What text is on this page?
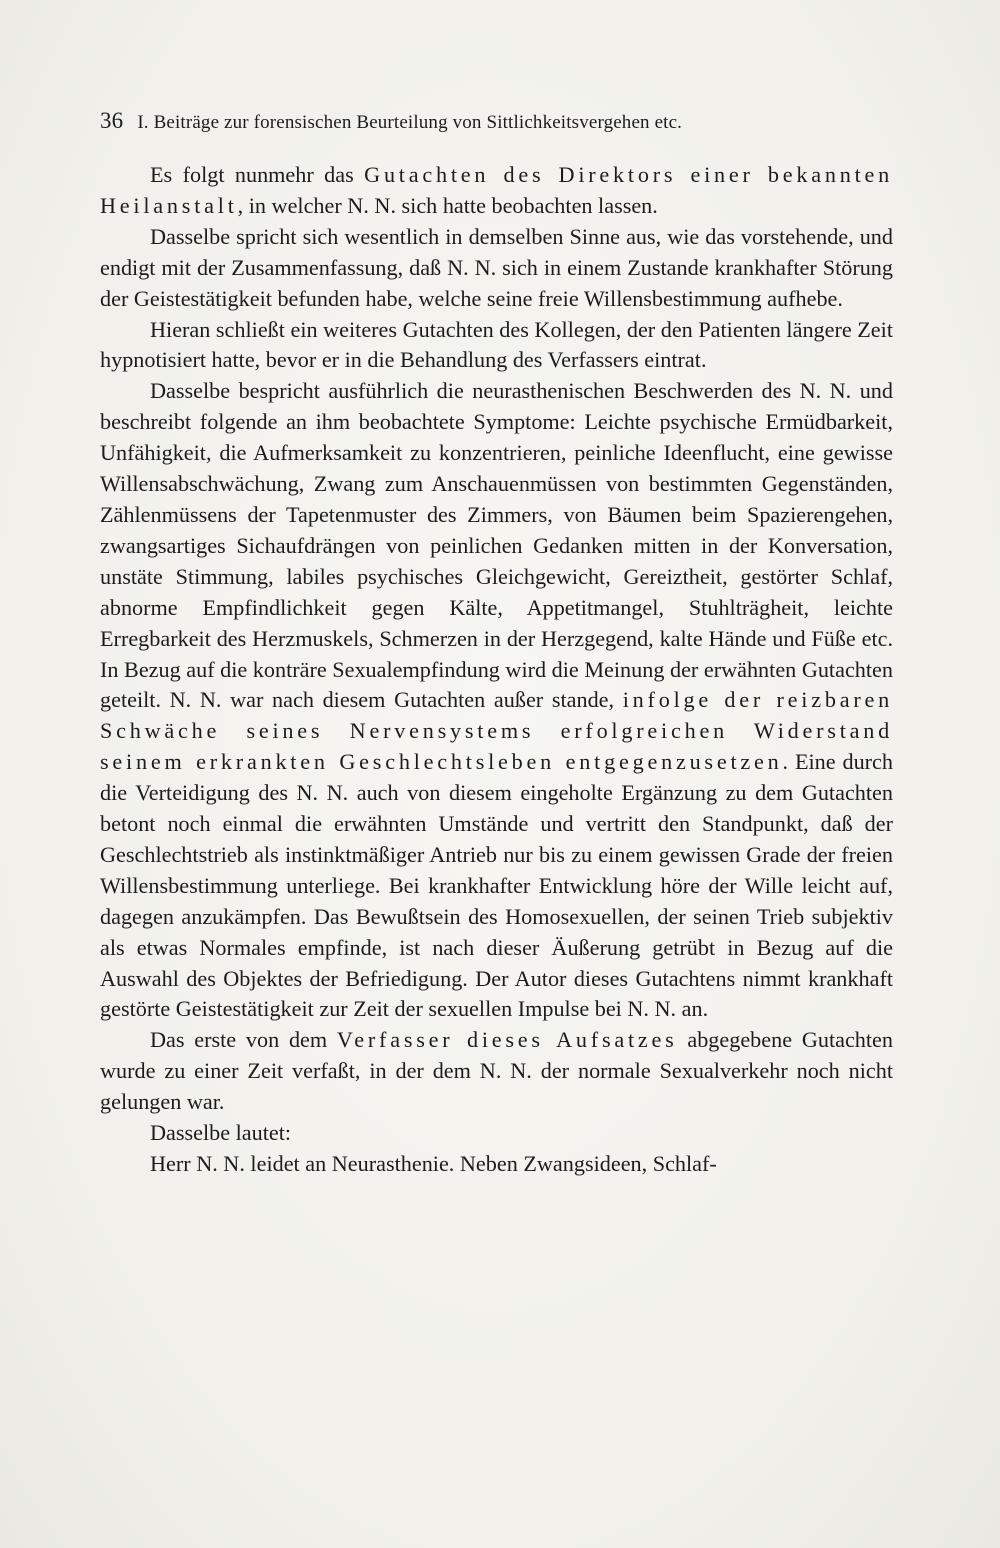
36 I. Beiträge zur forensischen Beurteilung von Sittlichkeitsvergehen etc.

Es folgt nunmehr das Gutachten des Direktors einer bekannten Heilanstalt, in welcher N. N. sich hatte beobachten lassen.

Dasselbe spricht sich wesentlich in demselben Sinne aus, wie das vorstehende, und endigt mit der Zusammenfassung, daß N. N. sich in einem Zustande krankhafter Störung der Geistestätigkeit befunden habe, welche seine freie Willensbestimmung aufhebe.

Hieran schließt ein weiteres Gutachten des Kollegen, der den Patienten längere Zeit hypnotisiert hatte, bevor er in die Behandlung des Verfassers eintrat.

Dasselbe bespricht ausführlich die neurasthenischen Beschwerden des N. N. und beschreibt folgende an ihm beobachtete Symptome: Leichte psychische Ermüdbarkeit, Unfähigkeit, die Aufmerksamkeit zu konzentrieren, peinliche Ideenflucht, eine gewisse Willensabschwächung, Zwang zum Anschauenmüssen von bestimmten Gegenständen, Zählenmüssens der Tapetenmuster des Zimmers, von Bäumen beim Spazierengehen, zwangsartiges Sichaufdrängen von peinlichen Gedanken mitten in der Konversation, unstäte Stimmung, labiles psychisches Gleichgewicht, Gereiztheit, gestörter Schlaf, abnorme Empfindlichkeit gegen Kälte, Appetitmangel, Stuhlträgheit, leichte Erregbarkeit des Herzmuskels, Schmerzen in der Herzgegend, kalte Hände und Füße etc. In Bezug auf die konträre Sexualempfindung wird die Meinung der erwähnten Gutachten geteilt. N. N. war nach diesem Gutachten außer stande, infolge der reizbaren Schwäche seines Nervensystems erfolgreichen Widerstand seinem erkrankten Geschlechtsleben entgegenzusetzen. Eine durch die Verteidigung des N. N. auch von diesem eingeholte Ergänzung zu dem Gutachten betont noch einmal die erwähnten Umstände und vertritt den Standpunkt, daß der Geschlechtstrieb als instinktmäßiger Antrieb nur bis zu einem gewissen Grade der freien Willensbestimmung unterliege. Bei krankhafter Entwicklung höre der Wille leicht auf, dagegen anzukämpfen. Das Bewußtsein des Homosexuellen, der seinen Trieb subjektiv als etwas Normales empfinde, ist nach dieser Äußerung getrübt in Bezug auf die Auswahl des Objektes der Befriedigung. Der Autor dieses Gutachtens nimmt krankhaft gestörte Geistestätigkeit zur Zeit der sexuellen Impulse bei N. N. an.

Das erste von dem Verfasser dieses Aufsatzes abgegebene Gutachten wurde zu einer Zeit verfaßt, in der dem N. N. der normale Sexualverkehr noch nicht gelungen war.

Dasselbe lautet:

Herr N. N. leidet an Neurasthenie. Neben Zwangsideen, Schlaf-
